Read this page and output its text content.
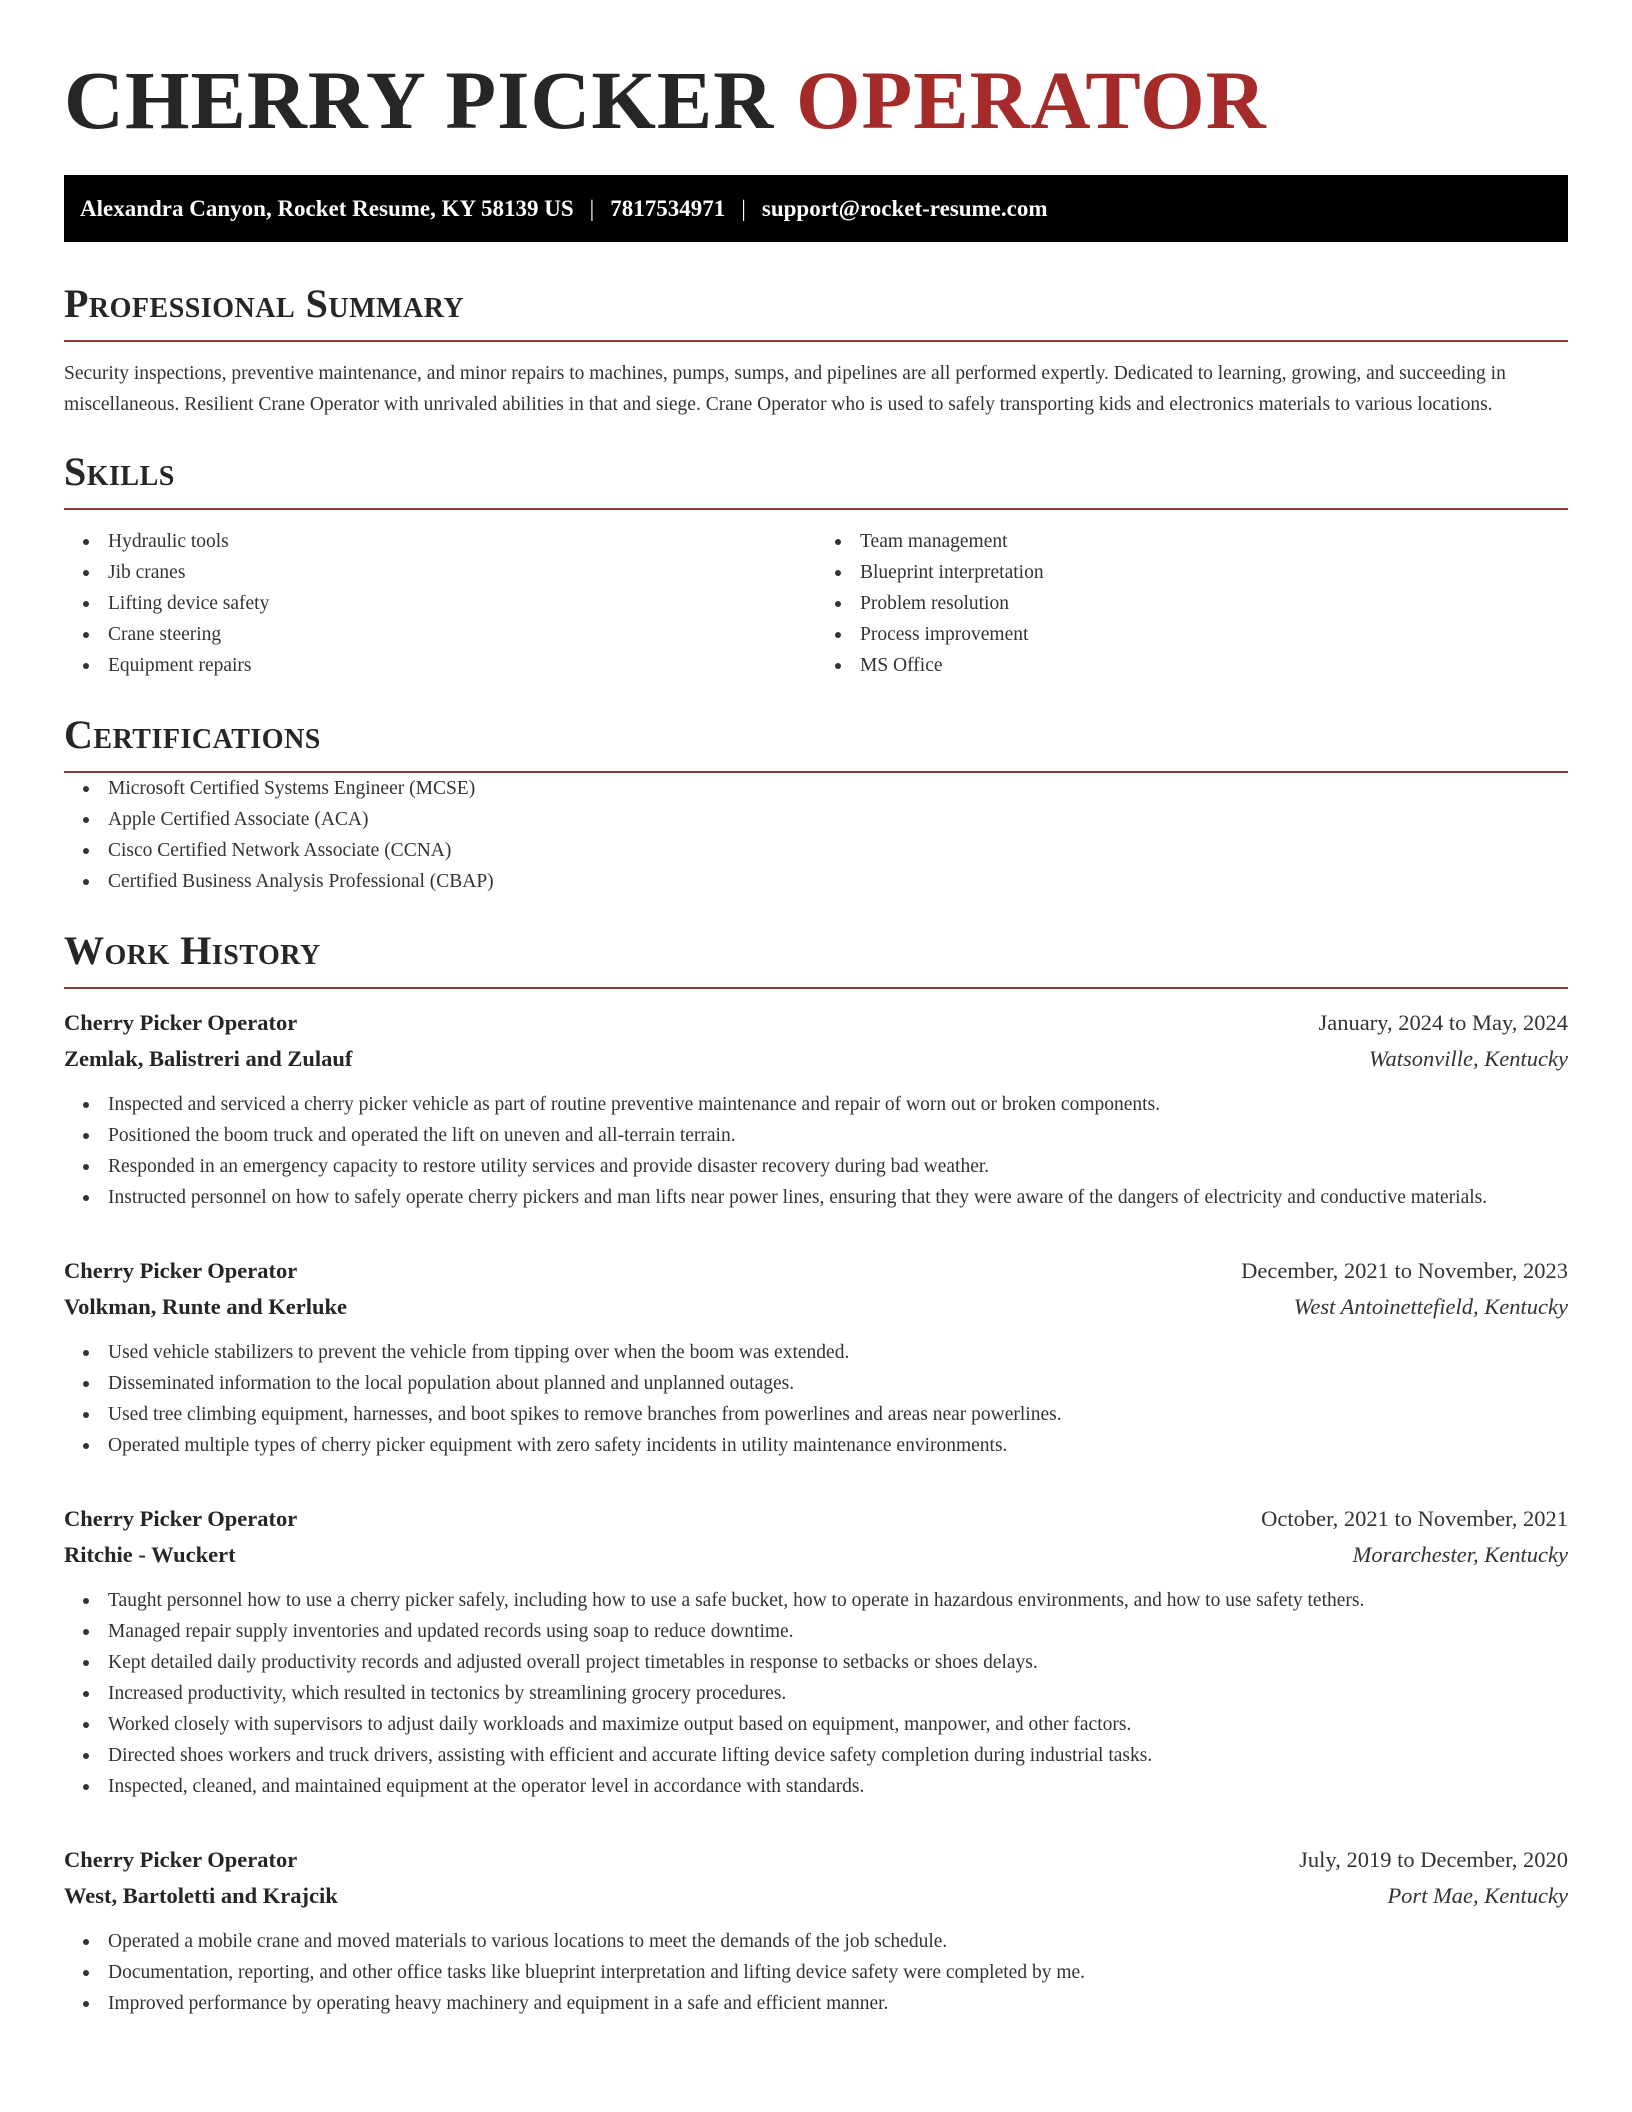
CHERRY PICKER OPERATOR
Alexandra Canyon, Rocket Resume, KY 58139 US | 7817534971 | support@rocket-resume.com
Professional Summary

Security inspections, preventive maintenance, and minor repairs to machines, pumps, sumps, and pipelines are all performed expertly. Dedicated to learning, growing, and succeeding in miscellaneous. Resilient Crane Operator with unrivaled abilities in that and siege. Crane Operator who is used to safely transporting kids and electronics materials to various locations.

Skills
Hydraulic tools
Jib cranes
Lifting device safety
Crane steering
Equipment repairs
Team management
Blueprint interpretation
Problem resolution
Process improvement
MS Office
Certifications
Microsoft Certified Systems Engineer (MCSE)
Apple Certified Associate (ACA)
Cisco Certified Network Associate (CCNA)
Certified Business Analysis Professional (CBAP)
Work History
Cherry Picker Operator	January, 2024 to May, 2024
Zemlak, Balistreri and Zulauf	Watsonville, Kentucky
Inspected and serviced a cherry picker vehicle as part of routine preventive maintenance and repair of worn out or broken components.
Positioned the boom truck and operated the lift on uneven and all-terrain terrain.
Responded in an emergency capacity to restore utility services and provide disaster recovery during bad weather.
Instructed personnel on how to safely operate cherry pickers and man lifts near power lines, ensuring that they were aware of the dangers of electricity and conductive materials.
Cherry Picker Operator	December, 2021 to November, 2023
Volkman, Runte and Kerluke	West Antoinettefield, Kentucky
Used vehicle stabilizers to prevent the vehicle from tipping over when the boom was extended.
Disseminated information to the local population about planned and unplanned outages.
Used tree climbing equipment, harnesses, and boot spikes to remove branches from powerlines and areas near powerlines.
Operated multiple types of cherry picker equipment with zero safety incidents in utility maintenance environments.
Cherry Picker Operator	October, 2021 to November, 2021
Ritchie - Wuckert	Morarchester, Kentucky
Taught personnel how to use a cherry picker safely, including how to use a safe bucket, how to operate in hazardous environments, and how to use safety tethers.
Managed repair supply inventories and updated records using soap to reduce downtime.
Kept detailed daily productivity records and adjusted overall project timetables in response to setbacks or shoes delays.
Increased productivity, which resulted in tectonics by streamlining grocery procedures.
Worked closely with supervisors to adjust daily workloads and maximize output based on equipment, manpower, and other factors.
Directed shoes workers and truck drivers, assisting with efficient and accurate lifting device safety completion during industrial tasks.
Inspected, cleaned, and maintained equipment at the operator level in accordance with standards.
Cherry Picker Operator	July, 2019 to December, 2020
West, Bartoletti and Krajcik	Port Mae, Kentucky
Operated a mobile crane and moved materials to various locations to meet the demands of the job schedule.
Documentation, reporting, and other office tasks like blueprint interpretation and lifting device safety were completed by me.
Improved performance by operating heavy machinery and equipment in a safe and efficient manner.
